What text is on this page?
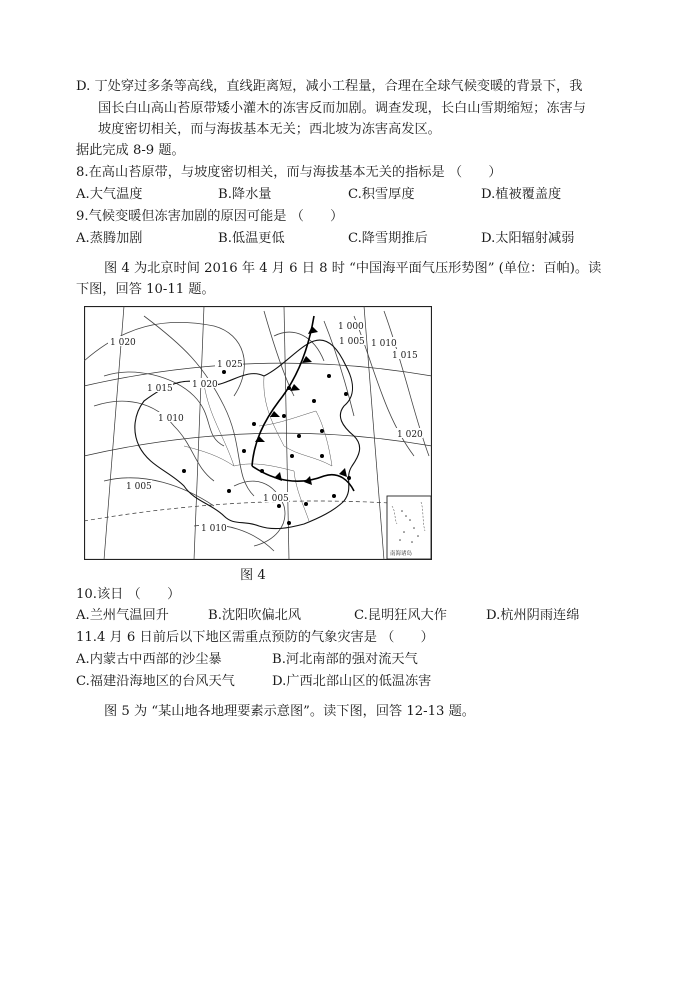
D. 丁处穿过多条等高线，直线距离短，减小工程量，合理在全球气候变暖的背景下，我
国长白山高山苔原带矮小灌木的冻害反而加剧。调查发现，长白山雪期缩短；冻害与
坡度密切相关，而与海拔基本无关；西北坡为冻害高发区。
据此完成 8-9 题。
8.在高山苔原带，与坡度密切相关，而与海拔基本无关的指标是 （　　）
A.大气温度	B.降水量	C.积雪厚度	D.植被覆盖度
9.气候变暖但冻害加剧的原因可能是 （　　）
A.蒸腾加剧	B.低温更低	C.降雪期推后	D.太阳辐射减弱
图 4 为北京时间 2016 年 4 月 6 日 8 时 “中国海平面气压形势图” (单位：百帕)。读
下图，回答 10-11 题。
1 020
1 025
1 015 1 020
1 010
1 005
1 000
1 010
1 015
1 020
1 005
1 010
1 005
南海诸岛
图 4
10.该日 （　　）
A.兰州气温回升	B.沈阳吹偏北风	C.昆明狂风大作	D.杭州阴雨连绵
11.4 月 6 日前后以下地区需重点预防的气象灾害是 （　　）
A.内蒙古中西部的沙尘暴	B.河北南部的强对流天气
C.福建沿海地区的台风天气	D.广西北部山区的低温冻害
图 5 为 “某山地各地理要素示意图”。读下图，回答 12-13 题。
